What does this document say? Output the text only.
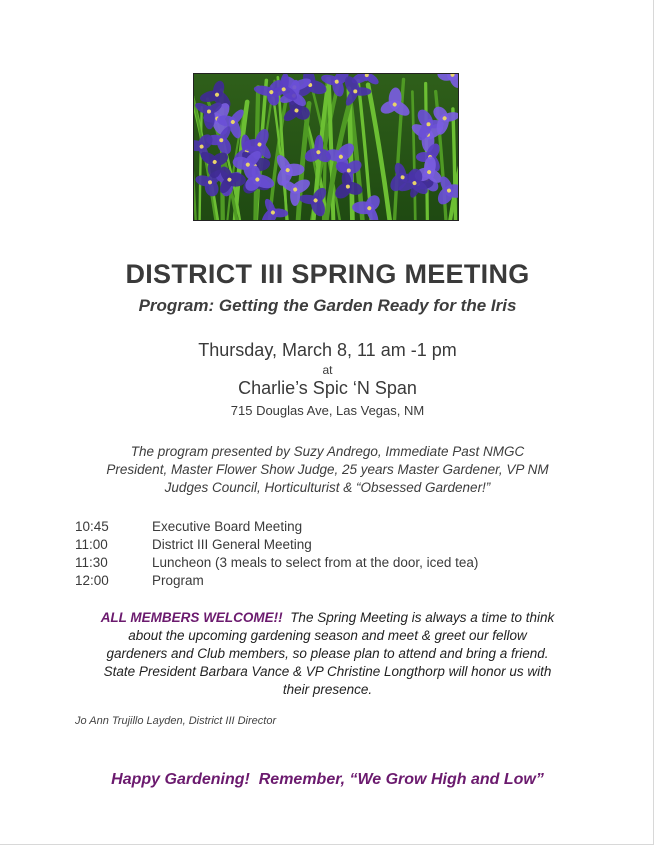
DISTRICT III SPRING MEETING
Program: Getting the Garden Ready for the Iris
Thursday, March 8, 11 am -1 pm
at
Charlie’s Spic ‘N Span
715 Douglas Ave, Las Vegas, NM
The program presented by Suzy Andrego, Immediate Past NMGC
President, Master Flower Show Judge, 25 years Master Gardener, VP NM
Judges Council, Horticulturist & “Obsessed Gardener!”
10:45	Executive Board Meeting
11:00	District III General Meeting
11:30	Luncheon (3 meals to select from at the door, iced tea)
12:00	Program
ALL MEMBERS WELCOME!!  The Spring Meeting is always a time to think
about the upcoming gardening season and meet & greet our fellow
gardeners and Club members, so please plan to attend and bring a friend.
State President Barbara Vance & VP Christine Longthorp will honor us with
their presence.

Jo Ann Trujillo Layden, District III Director

Happy Gardening!  Remember, “We Grow High and Low”
